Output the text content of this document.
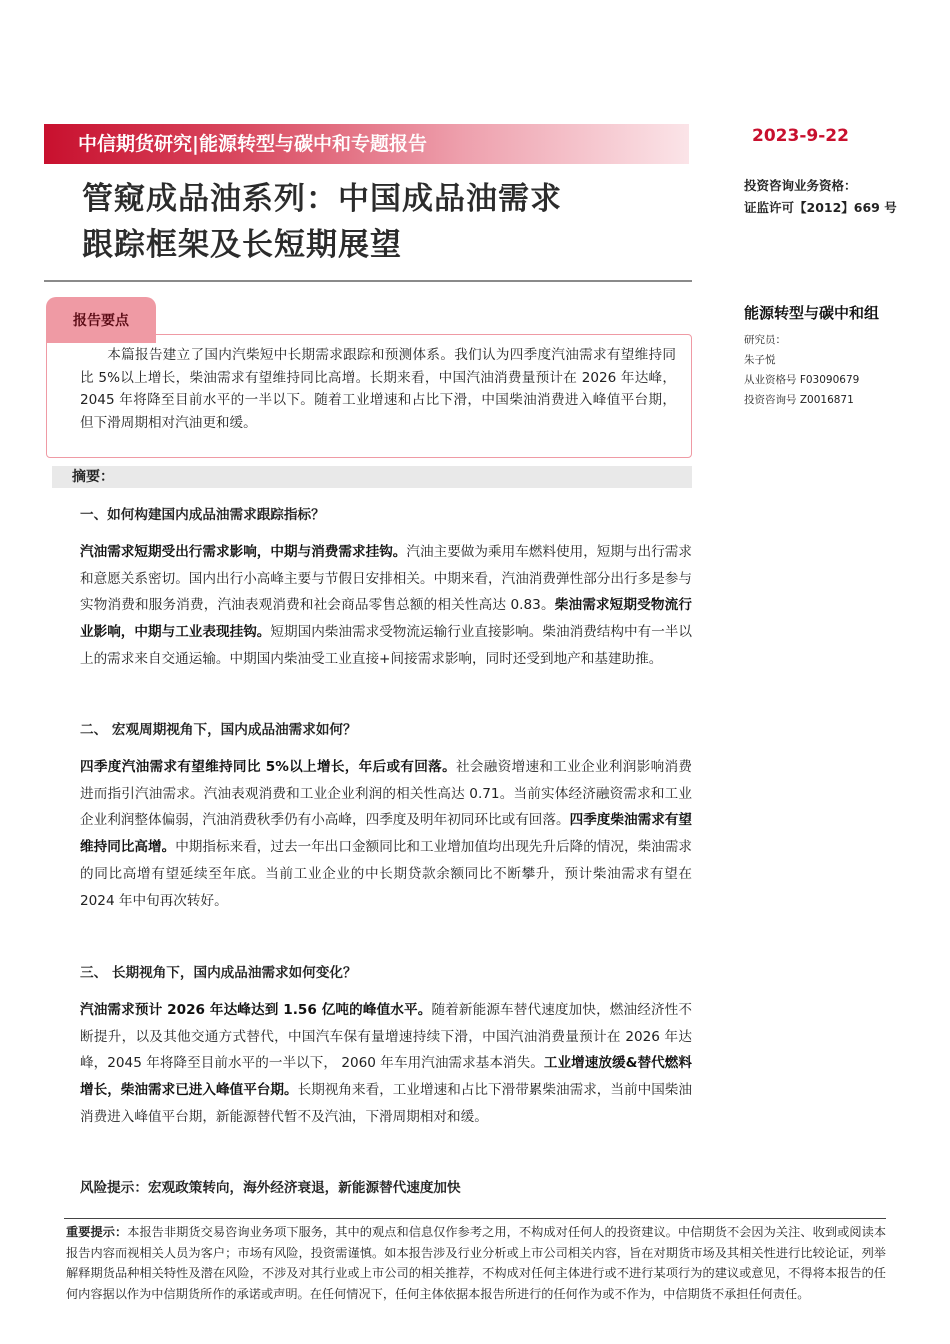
中信期货研究|能源转型与碳中和专题报告	2023-9-22
管窥成品油系列：中国成品油需求
跟踪框架及长短期展望
投资咨询业务资格：
证监许可【2012】669 号
能源转型与碳中和组
研究员：
朱子悦
从业资格号 F03090679
投资咨询号 Z0016871
报告要点
本篇报告建立了国内汽柴短中长期需求跟踪和预测体系。我们认为四季度汽油需求有望维持同比 5%以上增长，柴油需求有望维持同比高增。长期来看，中国汽油消费量预计在 2026 年达峰，2045 年将降至目前水平的一半以下。随着工业增速和占比下滑，中国柴油消费进入峰值平台期，但下滑周期相对汽油更和缓。
摘要：
一、如何构建国内成品油需求跟踪指标？
汽油需求短期受出行需求影响，中期与消费需求挂钩。汽油主要做为乘用车燃料使用，短期与出行需求和意愿关系密切。国内出行小高峰主要与节假日安排相关。中期来看，汽油消费弹性部分出行多是参与实物消费和服务消费，汽油表观消费和社会商品零售总额的相关性高达 0.83。柴油需求短期受物流行业影响，中期与工业表现挂钩。短期国内柴油需求受物流运输行业直接影响。柴油消费结构中有一半以上的需求来自交通运输。中期国内柴油受工业直接+间接需求影响，同时还受到地产和基建助推。
二、 宏观周期视角下，国内成品油需求如何？
四季度汽油需求有望维持同比 5%以上增长，年后或有回落。社会融资增速和工业企业利润影响消费进而指引汽油需求。汽油表观消费和工业企业利润的相关性高达 0.71。当前实体经济融资需求和工业企业利润整体偏弱，汽油消费秋季仍有小高峰，四季度及明年初同环比或有回落。四季度柴油需求有望维持同比高增。中期指标来看，过去一年出口金额同比和工业增加值均出现先升后降的情况，柴油需求的同比高增有望延续至年底。当前工业企业的中长期贷款余额同比不断攀升，预计柴油需求有望在 2024 年中旬再次转好。
三、 长期视角下，国内成品油需求如何变化？
汽油需求预计 2026 年达峰达到 1.56 亿吨的峰值水平。随着新能源车替代速度加快，燃油经济性不断提升，以及其他交通方式替代，中国汽车保有量增速持续下滑，中国汽油消费量预计在 2026 年达峰，2045 年将降至目前水平的一半以下， 2060 年车用汽油需求基本消失。工业增速放缓&替代燃料增长，柴油需求已进入峰值平台期。长期视角来看，工业增速和占比下滑带累柴油需求，当前中国柴油消费进入峰值平台期，新能源替代暂不及汽油，下滑周期相对和缓。
风险提示：宏观政策转向，海外经济衰退，新能源替代速度加快
重要提示：本报告非期货交易咨询业务项下服务，其中的观点和信息仅作参考之用，不构成对任何人的投资建议。中信期货不会因为关注、收到或阅读本报告内容而视相关人员为客户；市场有风险，投资需谨慎。如本报告涉及行业分析或上市公司相关内容，旨在对期货市场及其相关性进行比较论证，列举解释期货品种相关特性及潜在风险，不涉及对其行业或上市公司的相关推荐，不构成对任何主体进行或不进行某项行为的建议或意见，不得将本报告的任何内容据以作为中信期货所作的承诺或声明。在任何情况下，任何主体依据本报告所进行的任何作为或不作为，中信期货不承担任何责任。
